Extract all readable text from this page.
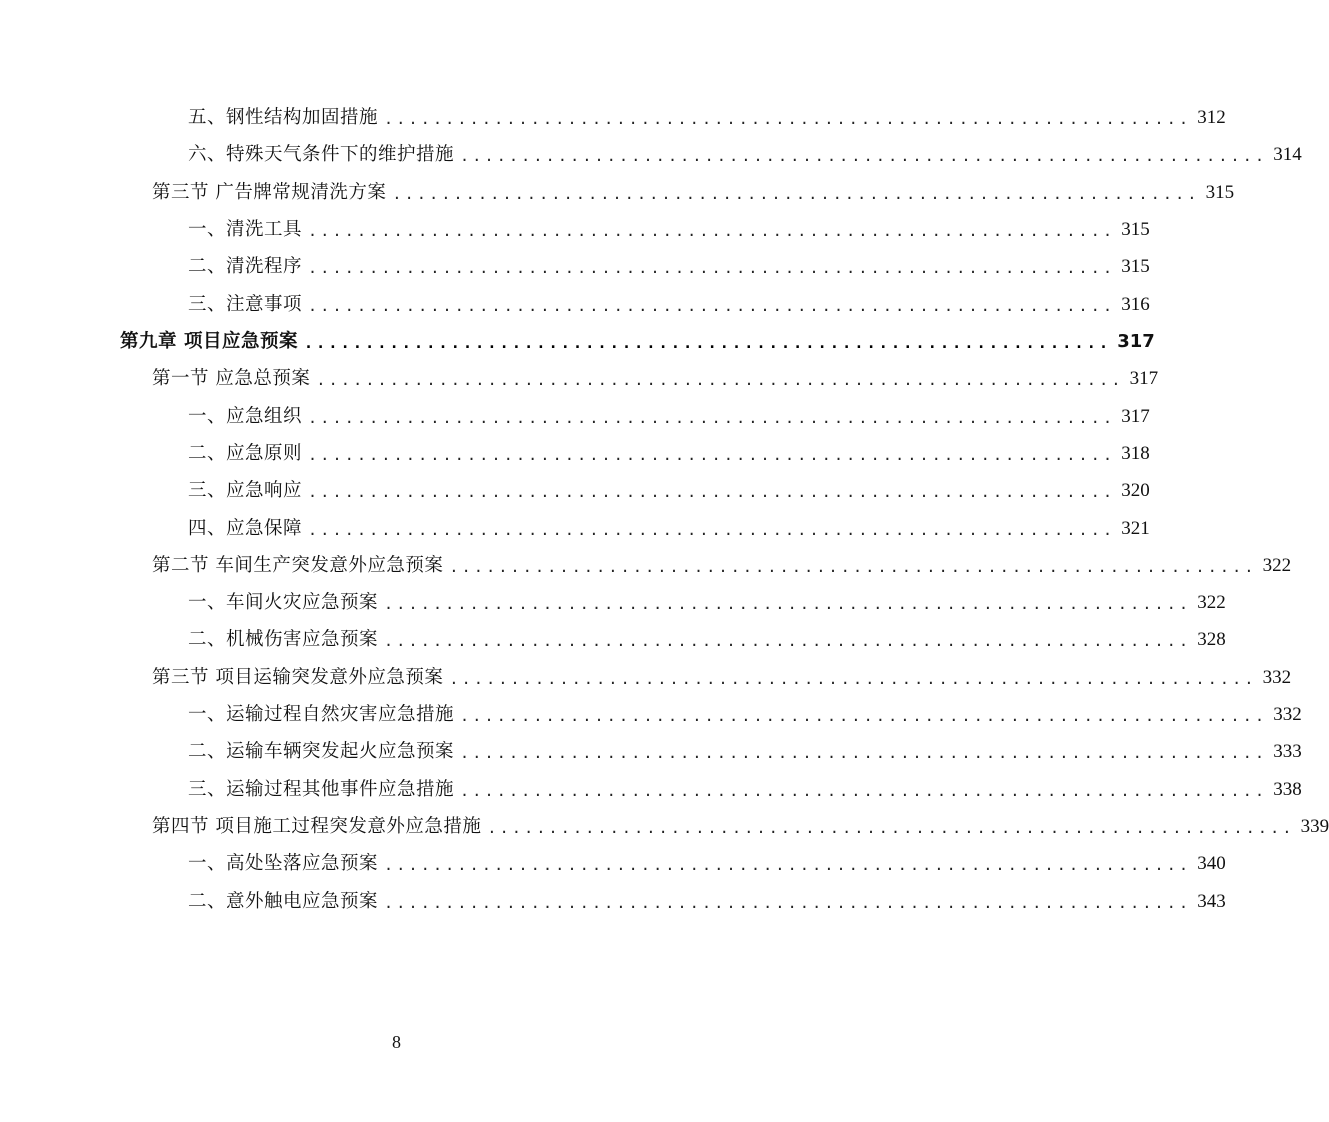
五、钢性结构加固措施 .................................................................. 312
六、特殊天气条件下的维护措施 .................................................................. 314
第三节 广告牌常规清洗方案 .................................................................. 315
一、清洗工具 .................................................................. 315
二、清洗程序 .................................................................. 315
三、注意事项 .................................................................. 316
第九章 项目应急预案 .................................................................. 317
第一节 应急总预案 .................................................................. 317
一、应急组织 .................................................................. 317
二、应急原则 .................................................................. 318
三、应急响应 .................................................................. 320
四、应急保障 .................................................................. 321
第二节 车间生产突发意外应急预案 .................................................................. 322
一、车间火灾应急预案 .................................................................. 322
二、机械伤害应急预案 .................................................................. 328
第三节 项目运输突发意外应急预案 .................................................................. 332
一、运输过程自然灾害应急措施 .................................................................. 332
二、运输车辆突发起火应急预案 .................................................................. 333
三、运输过程其他事件应急措施 .................................................................. 338
第四节 项目施工过程突发意外应急措施 .................................................................. 339
一、高处坠落应急预案 .................................................................. 340
二、意外触电应急预案 .................................................................. 343
8
